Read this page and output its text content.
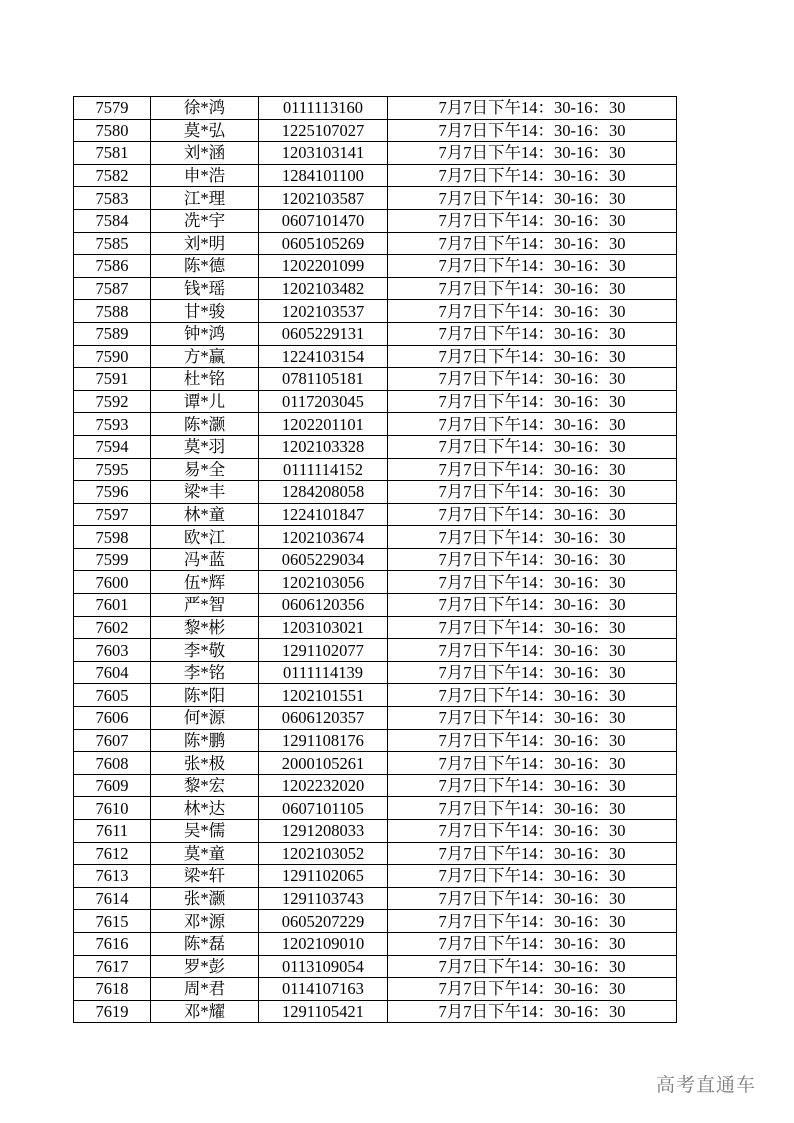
7579	徐*鸿	0111113160	7月7日下午14：30-16：30
7580	莫*弘	1225107027	7月7日下午14：30-16：30
7581	刘*涵	1203103141	7月7日下午14：30-16：30
7582	申*浩	1284101100	7月7日下午14：30-16：30
7583	江*理	1202103587	7月7日下午14：30-16：30
7584	冼*宇	0607101470	7月7日下午14：30-16：30
7585	刘*明	0605105269	7月7日下午14：30-16：30
7586	陈*德	1202201099	7月7日下午14：30-16：30
7587	钱*瑶	1202103482	7月7日下午14：30-16：30
7588	甘*骏	1202103537	7月7日下午14：30-16：30
7589	钟*鸿	0605229131	7月7日下午14：30-16：30
7590	方*赢	1224103154	7月7日下午14：30-16：30
7591	杜*铭	0781105181	7月7日下午14：30-16：30
7592	谭*儿	0117203045	7月7日下午14：30-16：30
7593	陈*灏	1202201101	7月7日下午14：30-16：30
7594	莫*羽	1202103328	7月7日下午14：30-16：30
7595	易*全	0111114152	7月7日下午14：30-16：30
7596	梁*丰	1284208058	7月7日下午14：30-16：30
7597	林*童	1224101847	7月7日下午14：30-16：30
7598	欧*江	1202103674	7月7日下午14：30-16：30
7599	冯*蓝	0605229034	7月7日下午14：30-16：30
7600	伍*辉	1202103056	7月7日下午14：30-16：30
7601	严*智	0606120356	7月7日下午14：30-16：30
7602	黎*彬	1203103021	7月7日下午14：30-16：30
7603	李*敬	1291102077	7月7日下午14：30-16：30
7604	李*铭	0111114139	7月7日下午14：30-16：30
7605	陈*阳	1202101551	7月7日下午14：30-16：30
7606	何*源	0606120357	7月7日下午14：30-16：30
7607	陈*鹏	1291108176	7月7日下午14：30-16：30
7608	张*极	2000105261	7月7日下午14：30-16：30
7609	黎*宏	1202232020	7月7日下午14：30-16：30
7610	林*达	0607101105	7月7日下午14：30-16：30
7611	吴*儒	1291208033	7月7日下午14：30-16：30
7612	莫*童	1202103052	7月7日下午14：30-16：30
7613	梁*轩	1291102065	7月7日下午14：30-16：30
7614	张*灏	1291103743	7月7日下午14：30-16：30
7615	邓*源	0605207229	7月7日下午14：30-16：30
7616	陈*磊	1202109010	7月7日下午14：30-16：30
7617	罗*彭	0113109054	7月7日下午14：30-16：30
7618	周*君	0114107163	7月7日下午14：30-16：30
7619	邓*耀	1291105421	7月7日下午14：30-16：30
高考直通车
